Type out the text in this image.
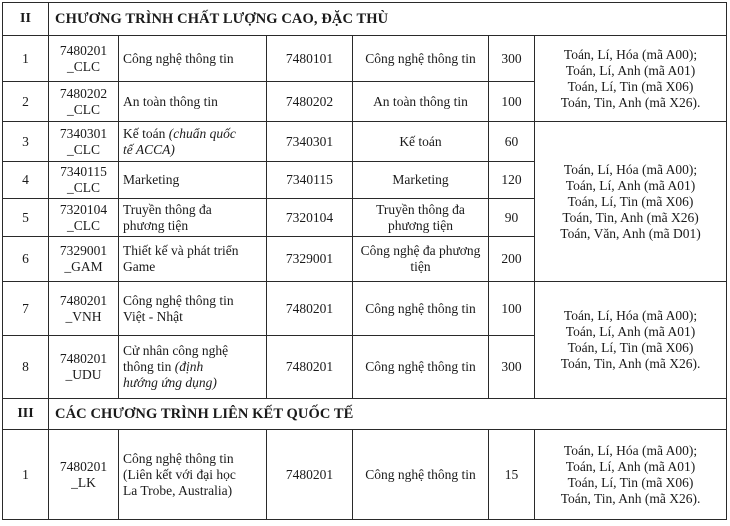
II	CHƯƠNG TRÌNH CHẤT LƯỢNG CAO, ĐẶC THÙ					
1	7480201
_CLC	Công nghệ thông tin	7480101	Công nghệ thông tin	300	Toán, Lí, Hóa (mã A00);
Toán, Lí, Anh (mã A01)
Toán, Lí, Tin (mã X06)
Toán, Tin, Anh (mã X26).

2	7480202
_CLC	An toàn thông tin	7480202	An toàn thông tin	100	
3	7340301
_CLC	Kế toán (chuẩn quốc
tế ACCA)	7340301	Kế toán	60	Toán, Lí, Hóa (mã A00);
Toán, Lí, Anh (mã A01)
Toán, Lí, Tin (mã X06)
Toán, Tin, Anh (mã X26)
Toán, Văn, Anh (mã D01)

4	7340115
_CLC	Marketing	7340115	Marketing	120	
5	7320104
_CLC	Truyền thông đa
phương tiện	7320104	Truyền thông đa
phương tiện	90	
6	7329001
_GAM	Thiết kế và phát triển
Game	7329001	Công nghệ đa phương
tiện	200	
7	7480201
_VNH	Công nghệ thông tin
Việt - Nhật	7480201	Công nghệ thông tin	100	Toán, Lí, Hóa (mã A00);
Toán, Lí, Anh (mã A01)
Toán, Lí, Tin (mã X06)
Toán, Tin, Anh (mã X26).

8	7480201
_UDU	Cử nhân công nghệ
thông tin (định
hướng ứng dụng)	7480201	Công nghệ thông tin	300	
III	CÁC CHƯƠNG TRÌNH LIÊN KẾT QUỐC TẾ					
1	7480201
_LK	Công nghệ thông tin
(Liên kết với đại học
La Trobe, Australia)	7480201	Công nghệ thông tin	15	Toán, Lí, Hóa (mã A00);
Toán, Lí, Anh (mã A01)
Toán, Lí, Tin (mã X06)
Toán, Tin, Anh (mã X26).
